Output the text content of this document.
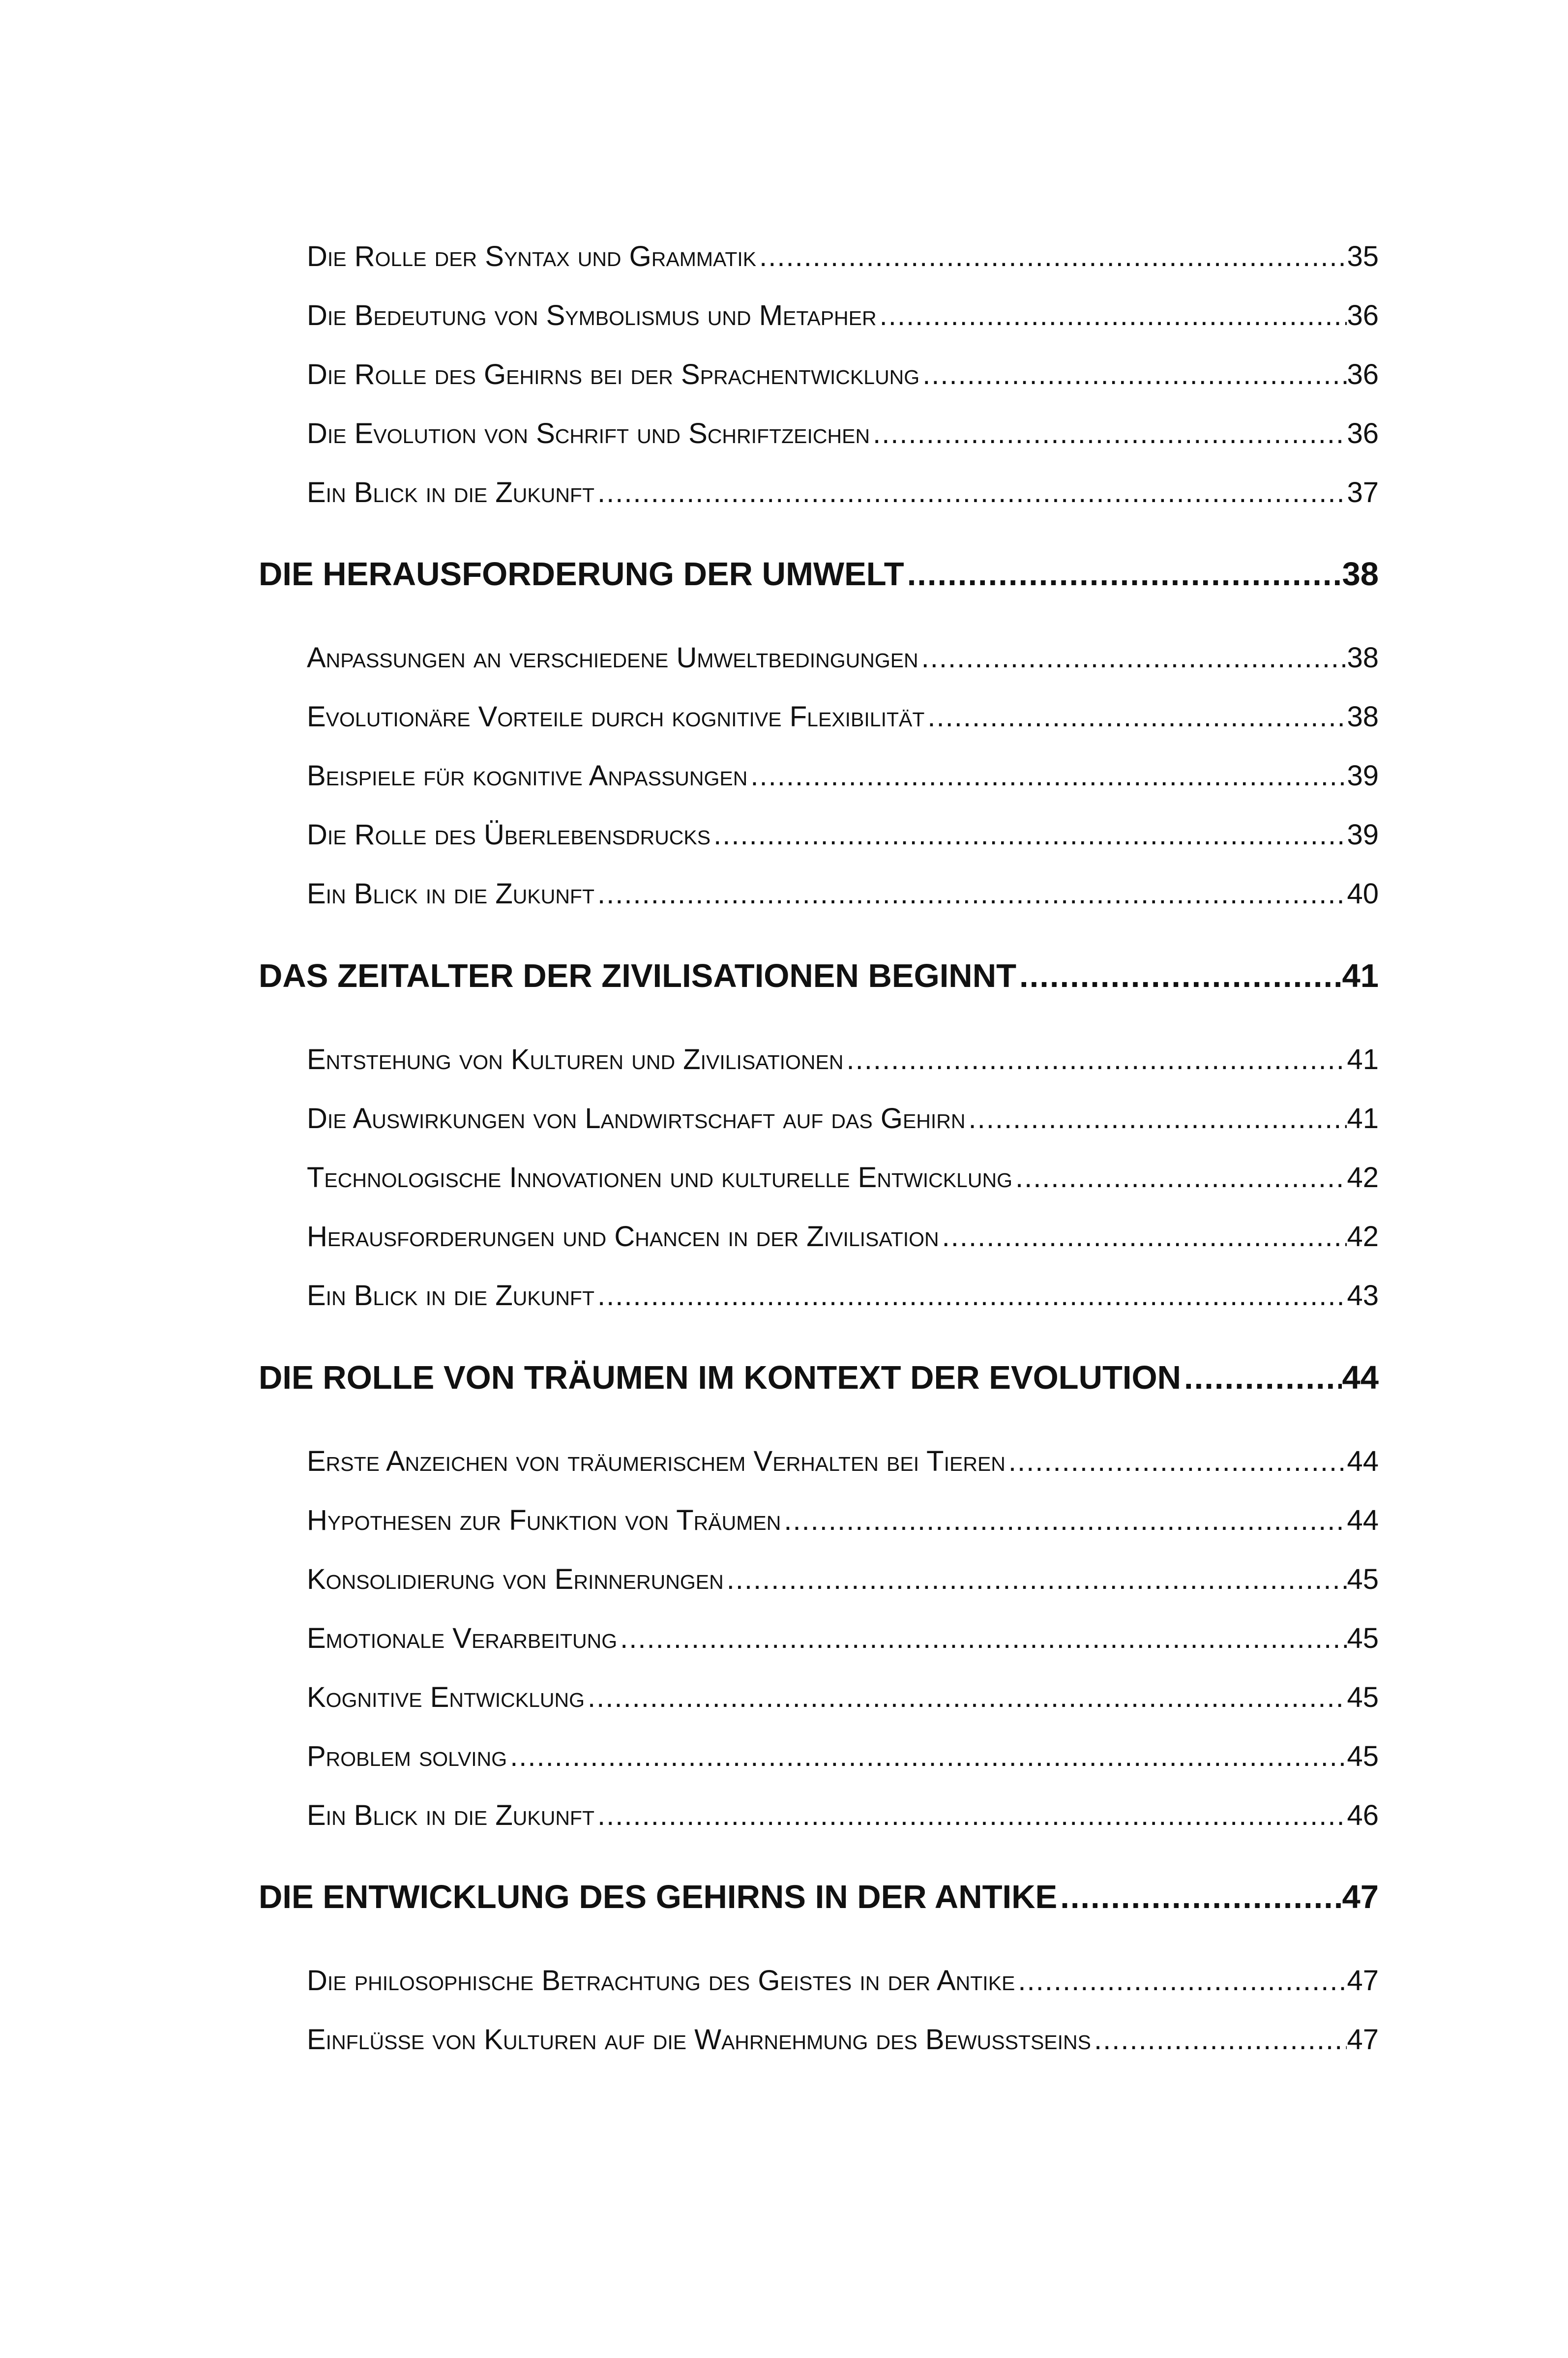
Die Rolle der Syntax und Grammatik .....	35
Die Bedeutung von Symbolismus und Metapher .....	36
Die Rolle des Gehirns bei der Sprachentwicklung .....	36
Die Evolution von Schrift und Schriftzeichen .....	36
Ein Blick in die Zukunft .....	37
DIE HERAUSFORDERUNG DER UMWELT .....	38
Anpassungen an verschiedene Umweltbedingungen .....	38
Evolutionäre Vorteile durch kognitive Flexibilität .....	38
Beispiele für kognitive Anpassungen .....	39
Die Rolle des Überlebensdrucks .....	39
Ein Blick in die Zukunft .....	40
DAS ZEITALTER DER ZIVILISATIONEN BEGINNT .....	41
Entstehung von Kulturen und Zivilisationen .....	41
Die Auswirkungen von Landwirtschaft auf das Gehirn .....	41
Technologische Innovationen und kulturelle Entwicklung .....	42
Herausforderungen und Chancen in der Zivilisation .....	42
Ein Blick in die Zukunft .....	43
DIE ROLLE VON TRÄUMEN IM KONTEXT DER EVOLUTION .....	44
Erste Anzeichen von träumerischem Verhalten bei Tieren .....	44
Hypothesen zur Funktion von Träumen .....	44
Konsolidierung von Erinnerungen .....	45
Emotionale Verarbeitung .....	45
Kognitive Entwicklung .....	45
Problem solving .....	45
Ein Blick in die Zukunft .....	46
DIE ENTWICKLUNG DES GEHIRNS IN DER ANTIKE .....	47
Die philosophische Betrachtung des Geistes in der Antike .....	47
Einflüsse von Kulturen auf die Wahrnehmung des Bewusstseins .....	47
